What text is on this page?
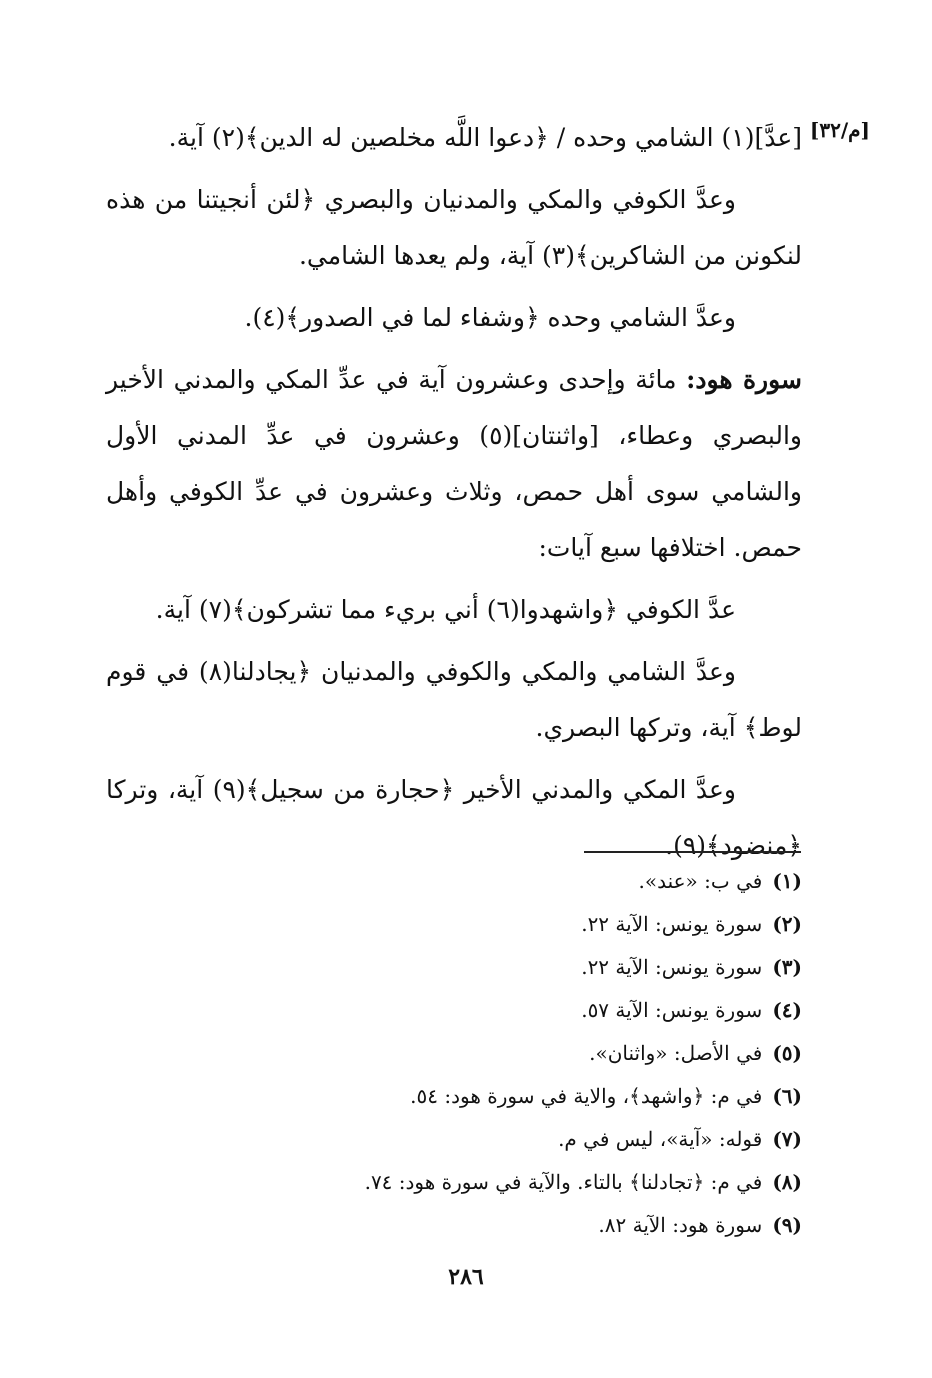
[م/٣٢]

[عدَّ](١) الشامي وحده / ﴿دعوا اللَّه مخلصين له الدين﴾(٢) آية.

وعدَّ الكوفي والمكي والمدنيان والبصري ﴿لئن أنجيتنا من هذه لنكونن من الشاكرين﴾(٣) آية، ولم يعدها الشامي.

وعدَّ الشامي وحده ﴿وشفاء لما في الصدور﴾(٤).

سورة هود: مائة وإحدى وعشرون آية في عدِّ المكي والمدني الأخير والبصري وعطاء، [واثنتان](٥) وعشرون في عدِّ المدني الأول والشامي سوى أهل حمص، وثلاث وعشرون في عدِّ الكوفي وأهل حمص. اختلافها سبع آيات:

عدَّ الكوفي ﴿واشهدوا(٦) أني بريء مما تشركون﴾(٧) آية.

وعدَّ الشامي والمكي والكوفي والمدنيان ﴿يجادلنا(٨) في قوم لوط﴾ آية، وتركها البصري.

وعدَّ المكي والمدني الأخير ﴿حجارة من سجيل﴾(٩) آية، وتركا ﴿منضود﴾(٩).

(١)في ب: «عند».
(٢)سورة يونس: الآية ٢٢.
(٣)سورة يونس: الآية ٢٢.
(٤)سورة يونس: الآية ٥٧.
(٥)في الأصل: «واثنان».
(٦)في م: ﴿واشهد﴾، والاية في سورة هود: ٥٤.
(٧)قوله: «آية»، ليس في م.
(٨)في م: ﴿تجادلنا﴾ بالتاء. والآية في سورة هود: ٧٤.
(٩)سورة هود: الآية ٨٢.
٢٨٦
